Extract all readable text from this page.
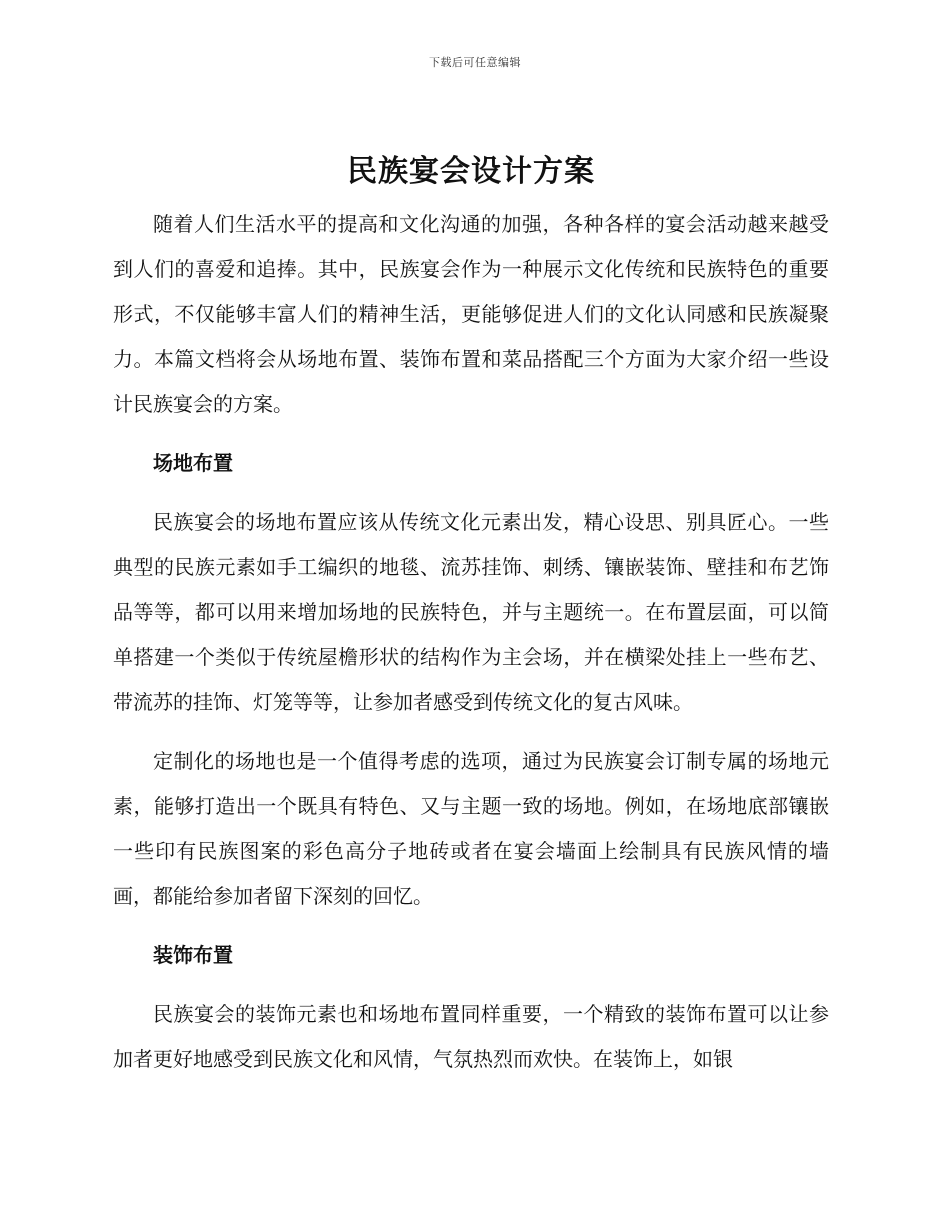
下载后可任意编辑
民族宴会设计方案

随着人们生活水平的提高和文化沟通的加强，各种各样的宴会活动越来越受到人们的喜爱和追捧。其中，民族宴会作为一种展示文化传统和民族特色的重要形式，不仅能够丰富人们的精神生活，更能够促进人们的文化认同感和民族凝聚力。本篇文档将会从场地布置、装饰布置和菜品搭配三个方面为大家介绍一些设计民族宴会的方案。

场地布置

民族宴会的场地布置应该从传统文化元素出发，精心设思、别具匠心。一些典型的民族元素如手工编织的地毯、流苏挂饰、刺绣、镶嵌装饰、壁挂和布艺饰品等等，都可以用来增加场地的民族特色，并与主题统一。在布置层面，可以简单搭建一个类似于传统屋檐形状的结构作为主会场，并在横梁处挂上一些布艺、带流苏的挂饰、灯笼等等，让参加者感受到传统文化的复古风味。

定制化的场地也是一个值得考虑的选项，通过为民族宴会订制专属的场地元素，能够打造出一个既具有特色、又与主题一致的场地。例如，在场地底部镶嵌一些印有民族图案的彩色高分子地砖或者在宴会墙面上绘制具有民族风情的墙画，都能给参加者留下深刻的回忆。

装饰布置

民族宴会的装饰元素也和场地布置同样重要，一个精致的装饰布置可以让参加者更好地感受到民族文化和风情，气氛热烈而欢快。在装饰上，如银
